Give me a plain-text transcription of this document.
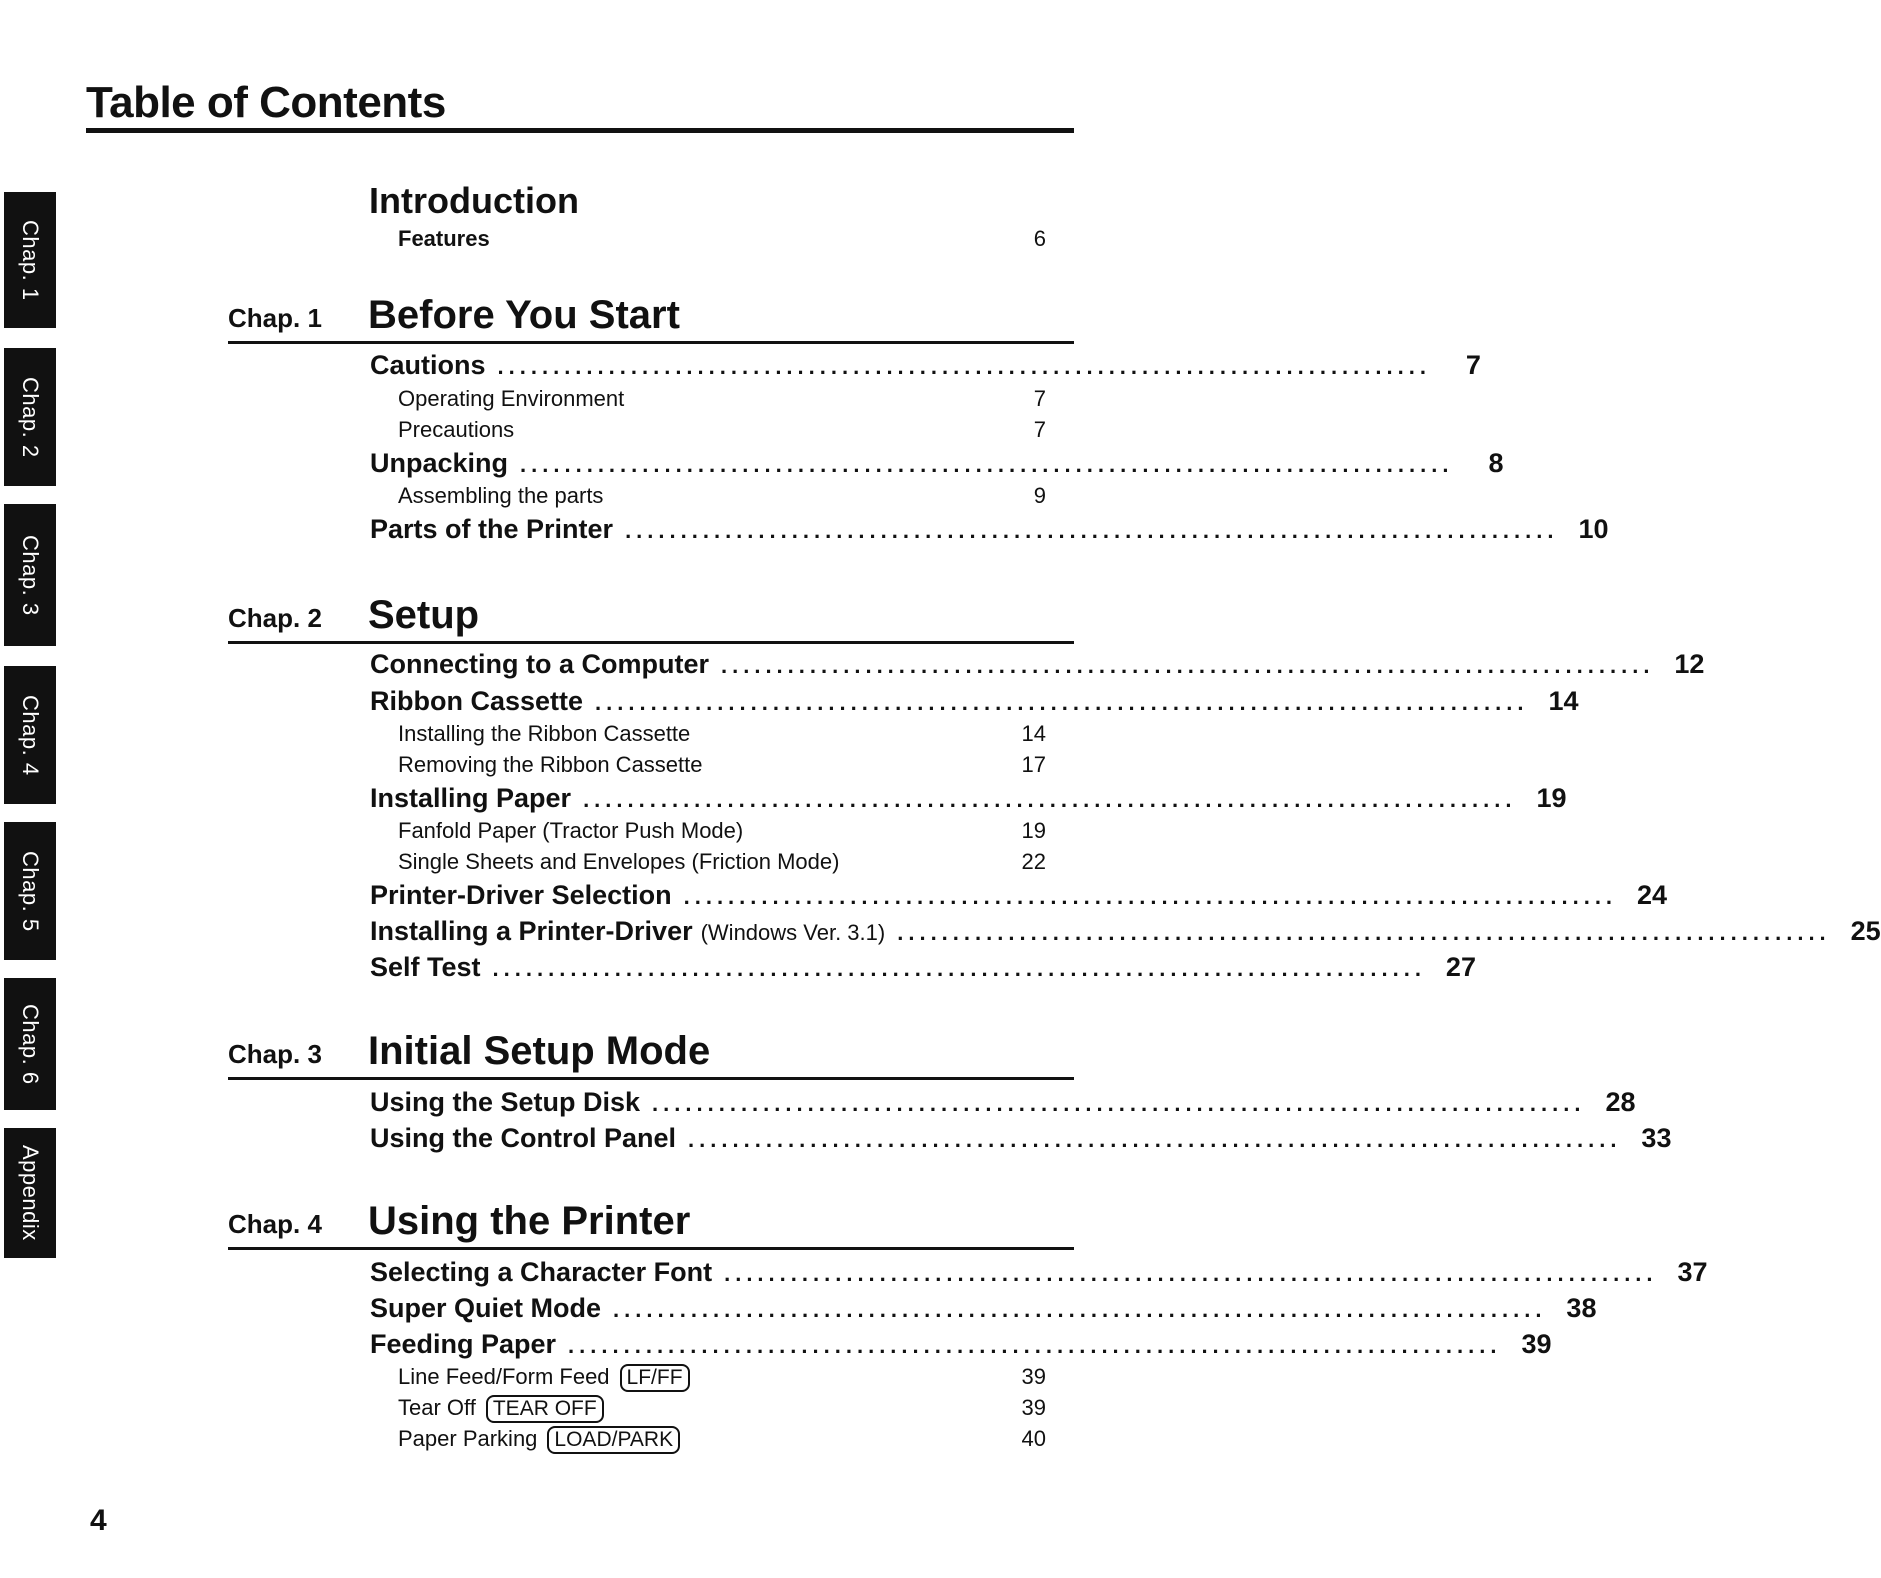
Table of Contents
Chap. 1
Chap. 2
Chap. 3
Chap. 4
Chap. 5
Chap. 6
Appendix
Introduction
Features	6
Chap. 1 Before You Start
Cautions ....................................................................................	7
Operating Environment	7
Precautions	7
Unpacking ....................................................................................	8
Assembling the parts	9
Parts of the Printer .................................................................................... 10
Chap. 2 Setup
Connecting to a Computer .................................................................................... 12
Ribbon Cassette .................................................................................... 14
Installing the Ribbon Cassette	14
Removing the Ribbon Cassette	17
Installing Paper .................................................................................... 19
Fanfold Paper (Tractor Push Mode)	19
Single Sheets and Envelopes (Friction Mode)	22
Printer-Driver Selection .................................................................................... 24
Installing a Printer-Driver (Windows Ver. 3.1) .................................................................................... 25
Self Test .................................................................................... 27
Chap. 3 Initial Setup Mode
Using the Setup Disk .................................................................................... 28
Using the Control Panel .................................................................................... 33
Chap. 4 Using the Printer
Selecting a Character Font .................................................................................... 37
Super Quiet Mode .................................................................................... 38
Feeding Paper .................................................................................... 39
Line Feed/Form Feed LF/FF	39
Tear Off TEAR OFF	39
Paper Parking LOAD/PARK	40
4
